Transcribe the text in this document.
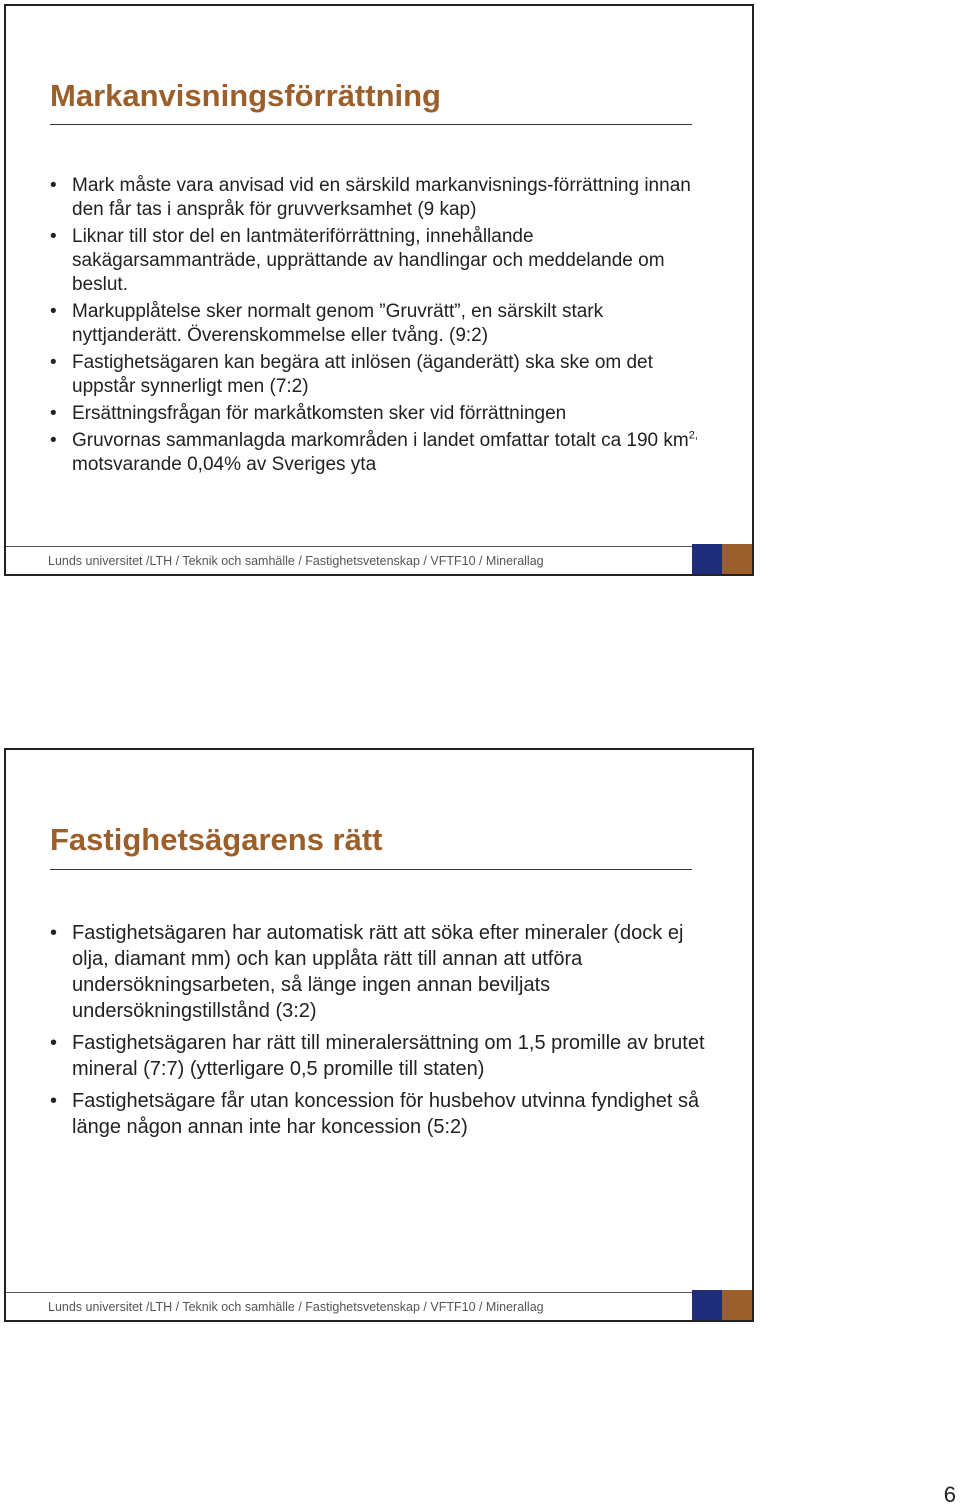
Markanvisningsförrättning
• Mark måste vara anvisad vid en särskild markanvisnings-förrättning innan den får tas i anspråk för gruvverksamhet (9 kap)
• Liknar till stor del en lantmäteriförrättning, innehållande sakägarsammanträde, upprättande av handlingar och meddelande om beslut.
• Markupplåtelse sker normalt genom ”Gruvrätt”, en särskilt stark nyttjanderätt. Överenskommelse eller tvång. (9:2)
• Fastighetsägaren kan begära att inlösen (äganderätt) ska ske om det uppstår synnerligt men (7:2)
• Ersättningsfrågan för markåtkomsten sker vid förrättningen
• Gruvornas sammanlagda markområden i landet omfattar totalt ca 190 $km^{2,}$ motsvarande 0,04% av Sveriges yta
Lunds universitet /LTH / Teknik och samhälle / Fastighetsvetenskap / VFTF10 / Minerallag
Fastighetsägarens rätt
• Fastighetsägaren har automatisk rätt att söka efter mineraler (dock ej olja, diamant mm) och kan upplåta rätt till annan att utföra undersökningsarbeten, så länge ingen annan beviljats undersökningstillstånd (3:2)
• Fastighetsägaren har rätt till mineralersättning om 1,5 promille av brutet mineral (7:7) (ytterligare 0,5 promille till staten)
• Fastighetsägare får utan koncession för husbehov utvinna fyndighet så länge någon annan inte har koncession (5:2)
Lunds universitet /LTH / Teknik och samhälle / Fastighetsvetenskap / VFTF10 / Minerallag
6
